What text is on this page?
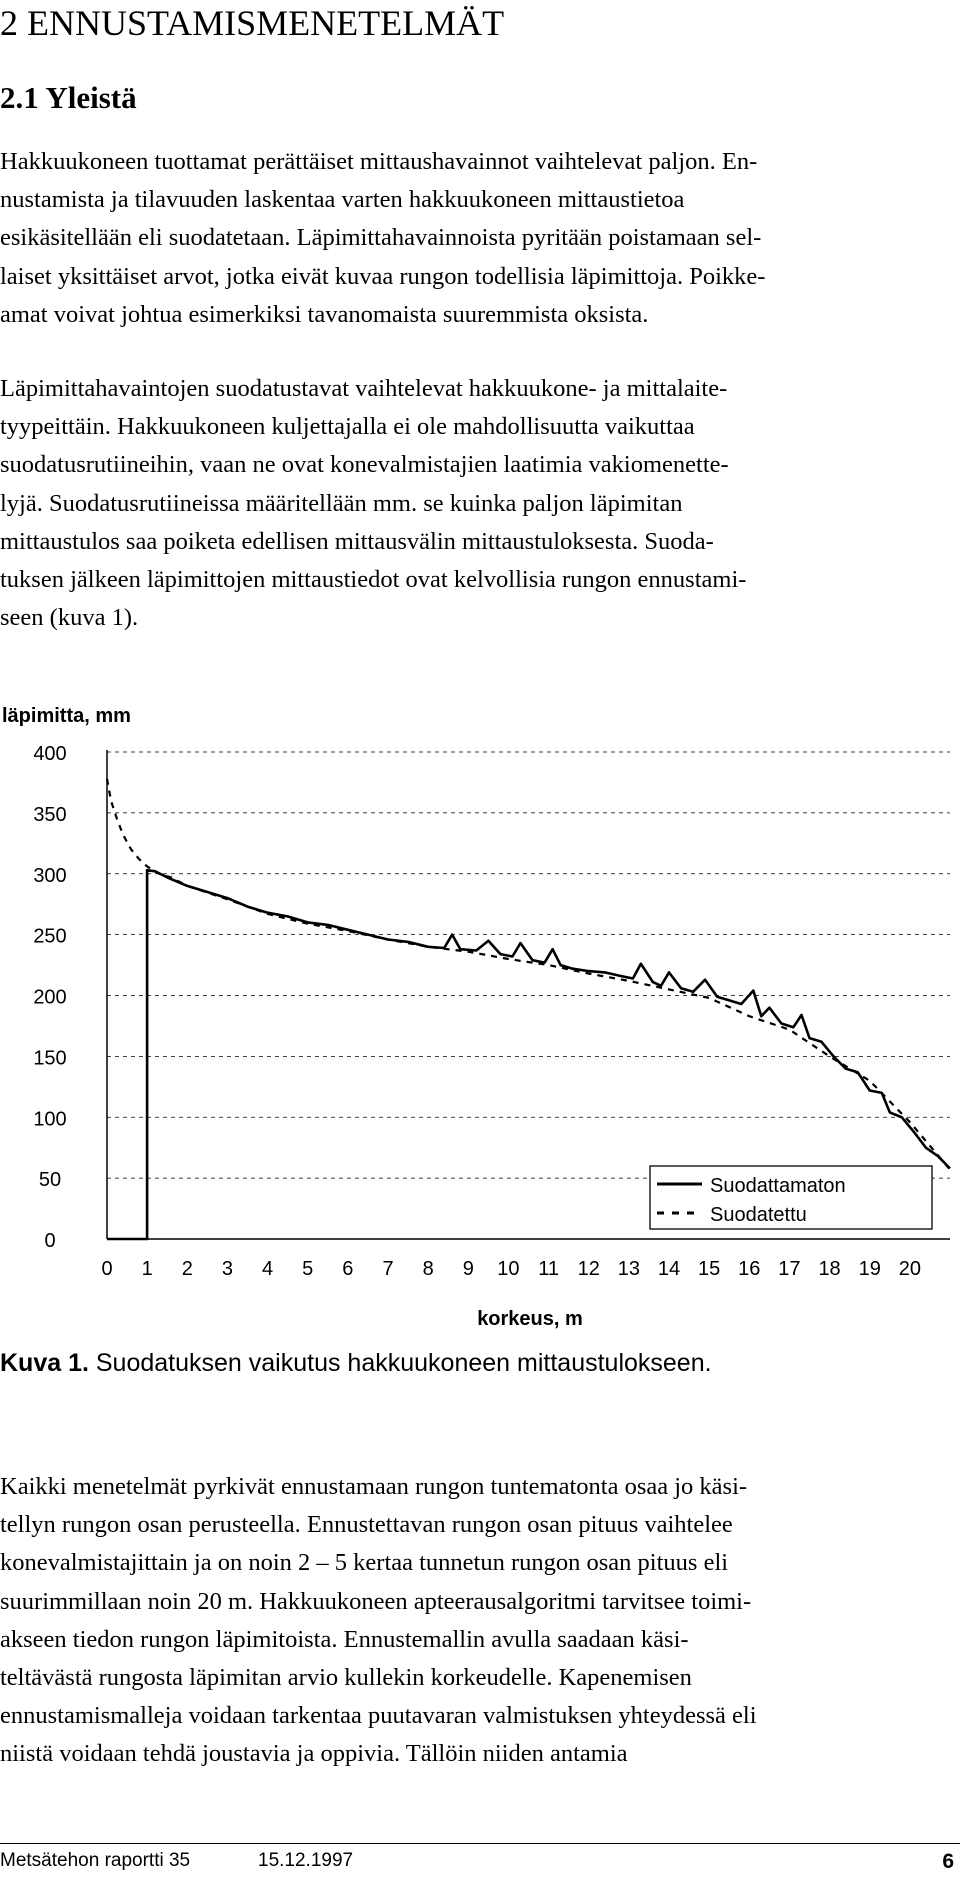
2 ENNUSTAMISMENETELMÄT
2.1 Yleistä
Hakkuukoneen tuottamat perättäiset mittaushavainnot vaihtelevat paljon. En-
nustamista ja tilavuuden laskentaa varten hakkuukoneen mittaustietoa
esikäsitellään eli suodatetaan. Läpimittahavainnoista pyritään poistamaan sel-
laiset yksittäiset arvot, jotka eivät kuvaa rungon todellisia läpimittoja. Poikke-
amat voivat johtua esimerkiksi tavanomaista suuremmista oksista.
Läpimittahavaintojen suodatustavat vaihtelevat hakkuukone- ja mittalaite-
tyypeittäin. Hakkuukoneen kuljettajalla ei ole mahdollisuutta vaikuttaa
suodatusrutiineihin, vaan ne ovat konevalmistajien laatimia vakiomenette-
lyjä. Suodatusrutiineissa määritellään mm. se kuinka paljon läpimitan
mittaustulos saa poiketa edellisen mittausvälin mittaustuloksesta. Suoda-
tuksen jälkeen läpimittojen mittaustiedot ovat kelvollisia rungon ennustami-
seen (kuva 1).
läpimitta, mm
0
50
100
150
200
250
300
350
400
0 1 2 3 4 5 6 7 8 9 10 11 12 13 14 15 16 17 18 19 20
korkeus, m
Suodattamaton
Suodatettu
Kuva 1. Suodatuksen vaikutus hakkuukoneen mittaustulokseen.
Kaikki menetelmät pyrkivät ennustamaan rungon tuntematonta osaa jo käsi-
tellyn rungon osan perusteella. Ennustettavan rungon osan pituus vaihtelee
konevalmistajittain ja on noin 2 – 5 kertaa tunnetun rungon osan pituus eli
suurimmillaan noin 20 m. Hakkuukoneen apteerausalgoritmi tarvitsee toimi-
akseen tiedon rungon läpimitoista. Ennustemallin avulla saadaan käsi-
teltävästä rungosta läpimitan arvio kullekin korkeudelle. Kapenemisen
ennustamismalleja voidaan tarkentaa puutavaran valmistuksen yhteydessä eli
niistä voidaan tehdä joustavia ja oppivia. Tällöin niiden antamia
Metsätehon raportti 35	15.12.1997	6
